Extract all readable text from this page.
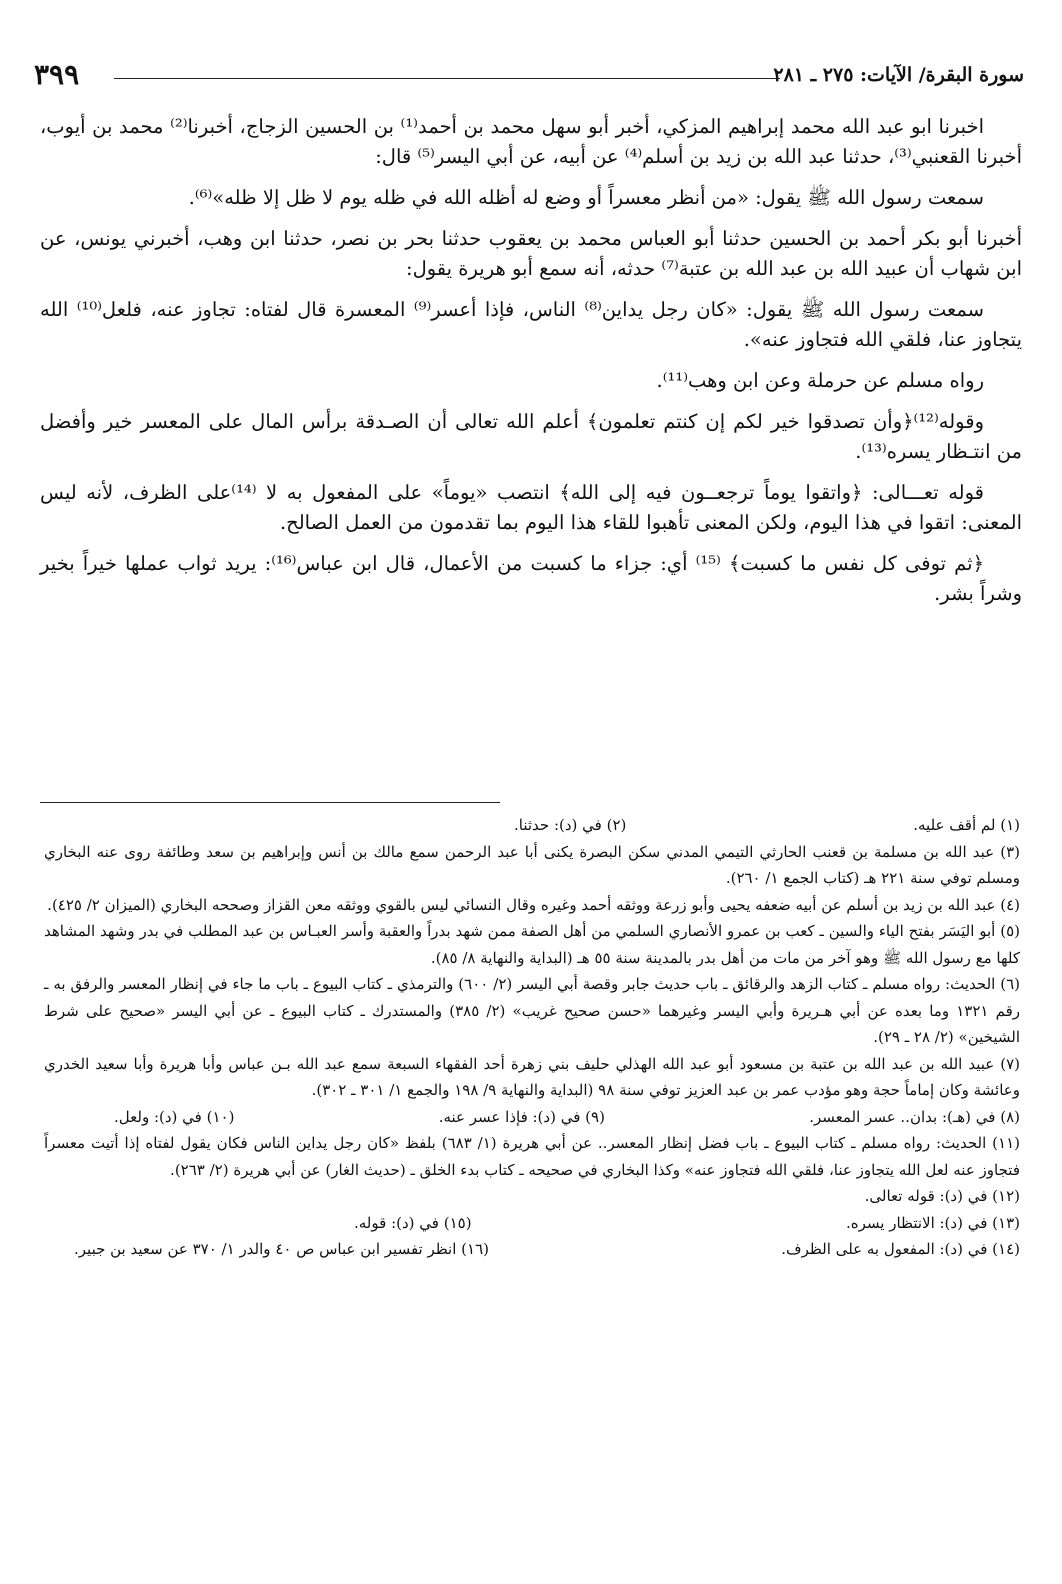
سورة البقرة/ الآيات: ٢٧٥ ـ ٢٨١
٣٩٩

اخبرنا ابو عبد الله محمد إبراهيم المزكي، أخبر أبو سهل محمد بن أحمد⁽¹⁾ بن الحسين الزجاج، أخبرنا⁽²⁾ محمد بن أيوب، أخبرنا القعنبي⁽³⁾، حدثنا عبد الله بن زيد بن أسلم⁽⁴⁾ عن أبيه، عن أبي اليسر⁽⁵⁾ قال:

سمعت رسول الله ﷺ يقول: «من أنظر معسراً أو وضع له أظله الله في ظله يوم لا ظل إلا ظله»⁽⁶⁾.

أخبرنا أبو بكر أحمد بن الحسين حدثنا أبو العباس محمد بن يعقوب حدثنا بحر بن نصر، حدثنا ابن وهب، أخبرني يونس، عن ابن شهاب أن عبيد الله بن عبد الله بن عتبة⁽⁷⁾ حدثه، أنه سمع أبو هريرة يقول:

سمعت رسول الله ﷺ يقول: «كان رجل يداين⁽⁸⁾ الناس، فإذا أعسر⁽⁹⁾ المعسرة قال لفتاه: تجاوز عنه، فلعل⁽¹⁰⁾ الله يتجاوز عنا، فلقي الله فتجاوز عنه».

رواه مسلم عن حرملة وعن ابن وهب⁽¹¹⁾.

وقوله⁽¹²⁾﴿وأن تصدقوا خير لكم إن كنتم تعلمون﴾ أعلم الله تعالى أن الصـدقة برأس المال على المعسر خير وأفضل من انتـظار يسره⁽¹³⁾.

قوله تعـــالى: ﴿واتقوا يوماً ترجعــون فيه إلى الله﴾ انتصب «يوماً» على المفعول به لا ⁽¹⁴⁾على الظرف، لأنه ليس المعنى: اتقوا في هذا اليوم، ولكن المعنى تأهبوا للقاء هذا اليوم بما تقدمون من العمل الصالح.

﴿ثم توفى كل نفس ما كسبت﴾ ⁽¹⁵⁾ أي: جزاء ما كسبت من الأعمال، قال ابن عباس⁽¹⁶⁾: يريد ثواب عملها خيراً بخير وشراً بشر.

(١) لم أقف عليه.
(٢) في (د): حدثنا.

(٣) عبد الله بن مسلمة بن قعنب الحارثي التيمي المدني سكن البصرة يكنى أبا عبد الرحمن سمع مالك بن أنس وإبراهيم بن سعد وطائفة روى عنه البخاري ومسلم توفي سنة ٢٢١ هـ (كتاب الجمع ١/ ٢٦٠).

(٤) عبد الله بن زيد بن أسلم عن أبيه ضعفه يحيى وأبو زرعة ووثقه أحمد وغيره وقال النسائي ليس بالقوي ووثقه معن القزاز وصححه البخاري (الميزان ٢/ ٤٢٥).

(٥) أبو اليَسَر بفتح الياء والسين ـ كعب بن عمرو الأنصاري السلمي من أهل الصفة ممن شهد بدراً والعقبة وأسر العبـاس بن عبد المطلب في بدر وشهد المشاهد كلها مع رسول الله ﷺ وهو آخر من مات من أهل بدر بالمدينة سنة ٥٥ هـ (البداية والنهاية ٨/ ٨٥).

(٦) الحديث: رواه مسلم ـ كتاب الزهد والرقائق ـ باب حديث جابر وقصة أبي اليسر (٢/ ٦٠٠) والترمذي ـ كتاب البيوع ـ باب ما جاء في إنظار المعسر والرفق به ـ رقم ١٣٢١ وما بعده عن أبي هـريرة وأبي اليسر وغيرهما «حسن صحيح غريب» (٢/ ٣٨٥) والمستدرك ـ كتاب البيوع ـ عن أبي اليسر «صحيح على شرط الشيخين» (٢/ ٢٨ ـ ٢٩).

(٧) عبيد الله بن عبد الله بن عتبة بن مسعود أبو عبد الله الهذلي حليف بني زهرة أحد الفقهاء السبعة سمع عبد الله بـن عباس وأبا هريرة وأبا سعيد الخدري وعائشة وكان إماماً حجة وهو مؤدب عمر بن عبد العزيز توفي سنة ٩٨ (البداية والنهاية ٩/ ١٩٨ والجمع ١/ ٣٠١ ـ ٣٠٢).

(٨) في (هـ): بدان.. عسر المعسر.
(٩) في (د): فإذا عسر عنه.
(١٠) في (د): ولعل.

(١١) الحديث: رواه مسلم ـ كتاب البيوع ـ باب فضل إنظار المعسر.. عن أبي هريرة (١/ ٦٨٣) بلفظ «كان رجل يداين الناس فكان يقول لفتاه إذا أتيت معسراً فتجاوز عنه لعل الله يتجاوز عنا، فلقي الله فتجاوز عنه» وكذا البخاري في صحيحه ـ كتاب بدء الخلق ـ (حديث الغار) عن أبي هريرة (٢/ ٢٦٣).

(١٢) في (د): قوله تعالى.

(١٣) في (د): الانتظار يسره.
(١٥) في (د): قوله.
(١٤) في (د): المفعول به على الظرف.
(١٦) انظر تفسير ابن عباس ص ٤٠ والدر ١/ ٣٧٠ عن سعيد بن جبير.
